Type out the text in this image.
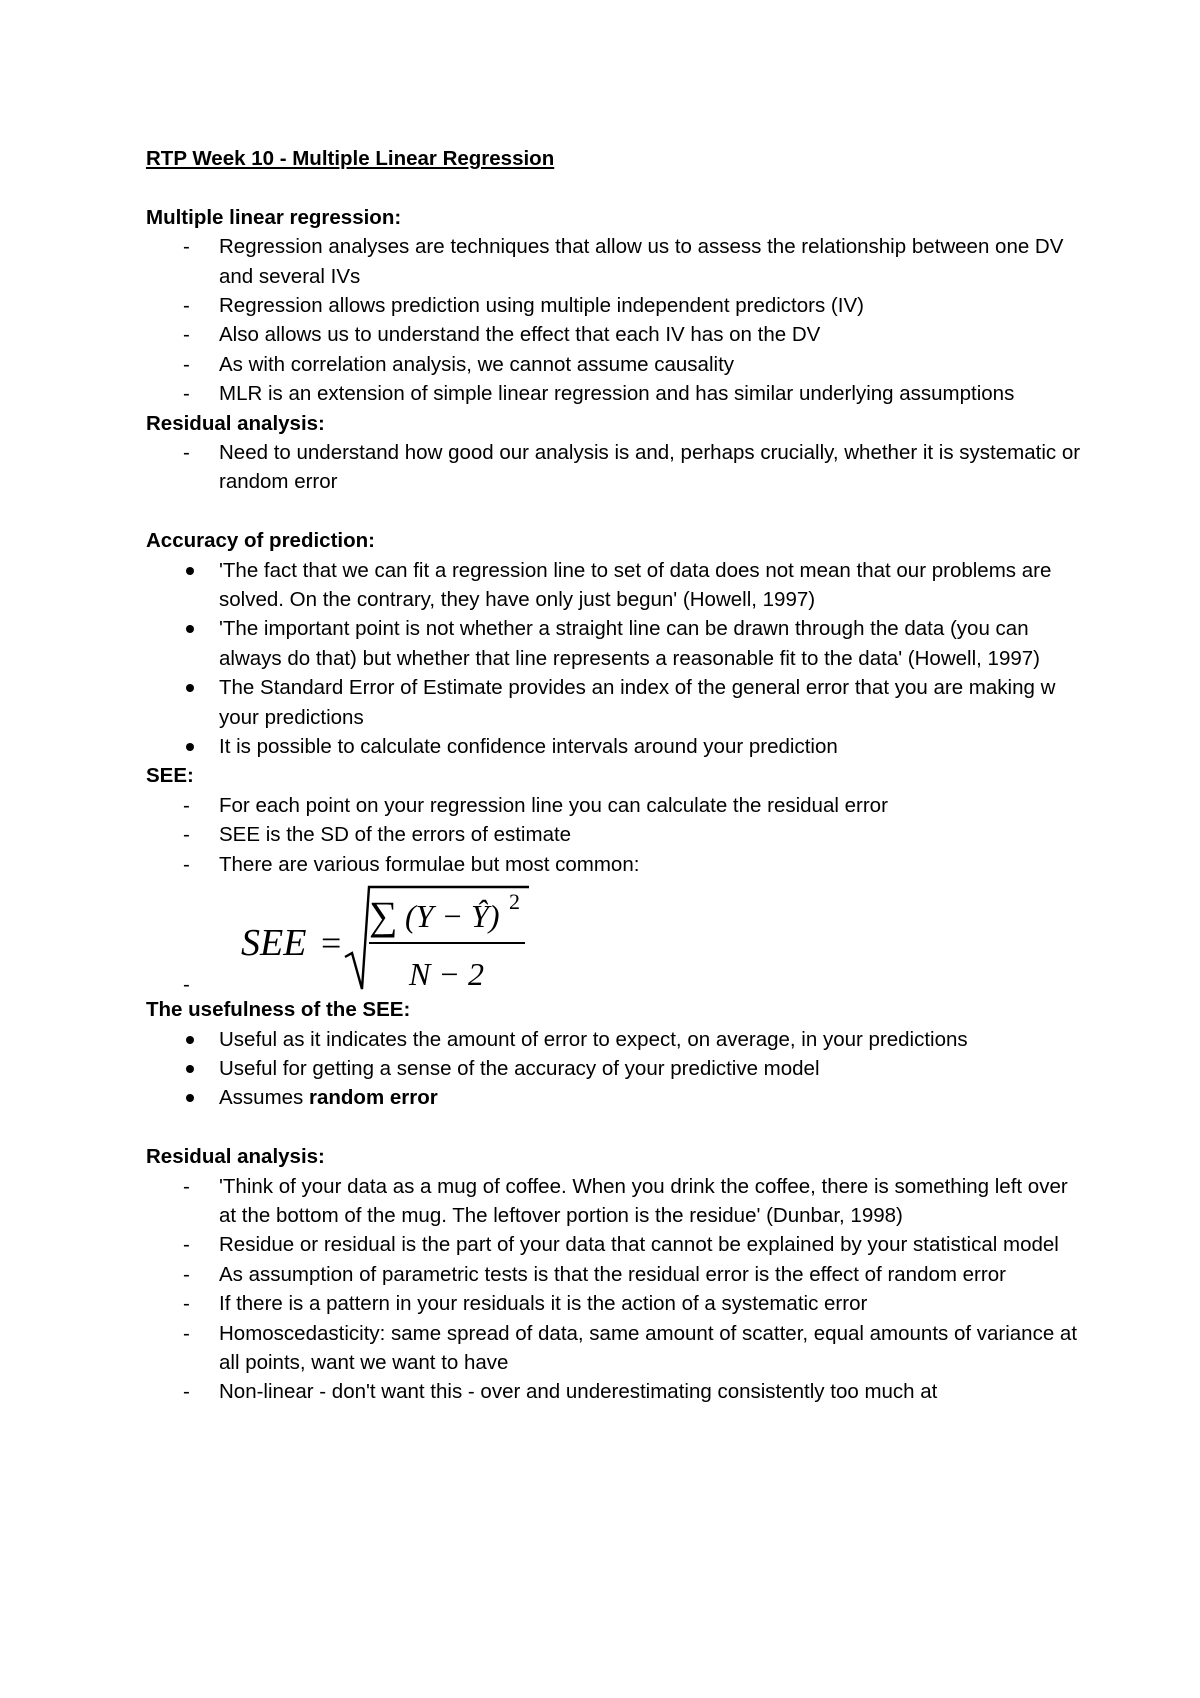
RTP Week 10 - Multiple Linear Regression

Multiple linear regression:

-
Regression analyses are techniques that allow us to assess the relationship between one DV and several IVs
-
Regression allows prediction using multiple independent predictors (IV)
-
Also allows us to understand the effect that each IV has on the DV
-
As with correlation analysis, we cannot assume causality
-
MLR is an extension of simple linear regression and has similar underlying assumptions

Residual analysis:

-
Need to understand how good our analysis is and, perhaps crucially, whether it is systematic or random error

Accuracy of prediction:

'The fact that we can fit a regression line to set of data does not mean that our problems are solved. On the contrary, they have only just begun' (Howell, 1997)
'The important point is not whether a straight line can be drawn through the data (you can always do that) but whether that line represents a reasonable fit to the data' (Howell, 1997)
The Standard Error of Estimate provides an index of the general error that you are making w your predictions
It is possible to calculate confidence intervals around your prediction

SEE:

-
For each point on your regression line you can calculate the residual error
-
SEE is the SD of the errors of estimate
-
There are various formulae but most common:
-
SEE =
∑ (Y − Ŷ) 2
N − 2

The usefulness of the SEE:

Useful as it indicates the amount of error to expect, on average, in your predictions
Useful for getting a sense of the accuracy of your predictive model
Assumes random error

Residual analysis:

-
'Think of your data as a mug of coffee. When you drink the coffee, there is something left over at the bottom of the mug. The leftover portion is the residue' (Dunbar, 1998)
-
Residue or residual is the part of your data that cannot be explained by your statistical model
-
As assumption of parametric tests is that the residual error is the effect of random error
-
If there is a pattern in your residuals it is the action of a systematic error
-
Homoscedasticity: same spread of data, same amount of scatter, equal amounts of variance at all points, want we want to have
-
Non-linear - don't want this - over and underestimating consistently too much at
